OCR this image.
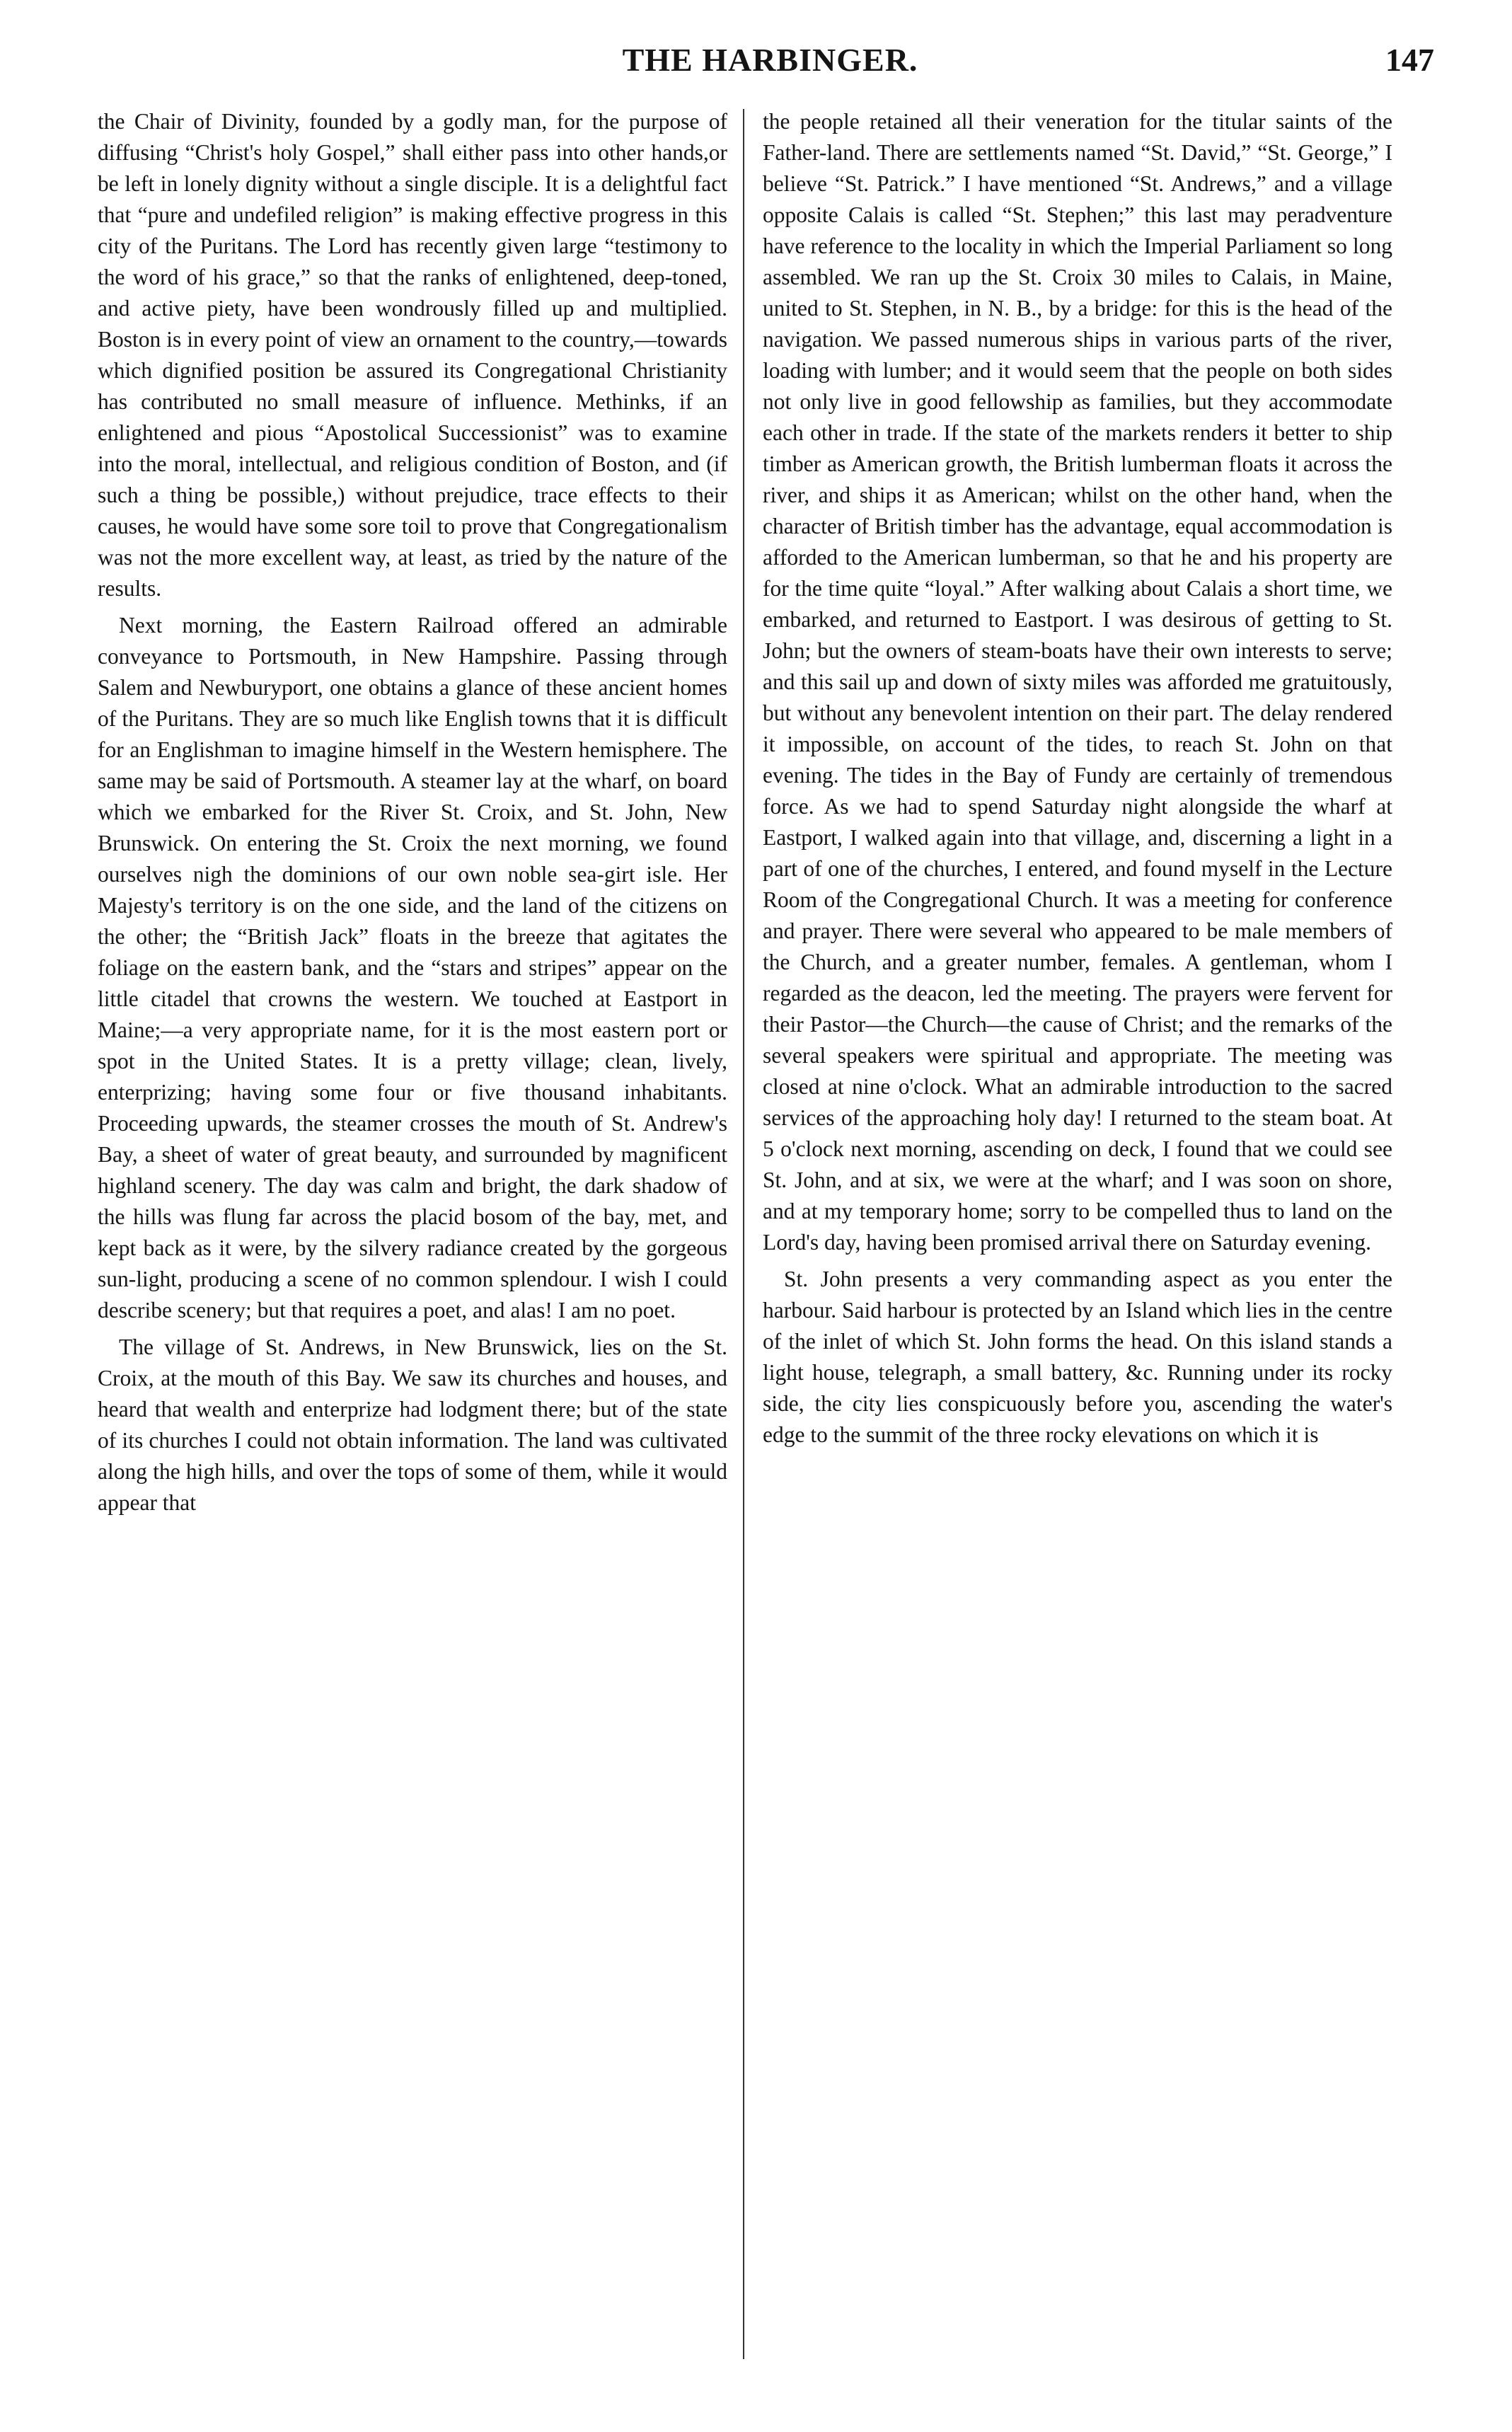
THE HARBINGER.	147

the Chair of Divinity, founded by a godly man, for the purpose of diffusing “Christ's holy Gospel,” shall either pass into other hands,or be left in lonely dignity without a single disciple. It is a delightful fact that “pure and undefiled religion” is making effective progress in this city of the Puritans. The Lord has recently given large “testimony to the word of his grace,” so that the ranks of enlightened, deep-toned, and active piety, have been wondrously filled up and multiplied. Boston is in every point of view an ornament to the country,—towards which dignified position be assured its Congregational Christianity has contributed no small measure of influence. Methinks, if an enlightened and pious “Apostolical Successionist” was to examine into the moral, intellectual, and religious condition of Boston, and (if such a thing be possible,) without prejudice, trace effects to their causes, he would have some sore toil to prove that Congregationalism was not the more excellent way, at least, as tried by the nature of the results.

Next morning, the Eastern Railroad offered an admirable conveyance to Portsmouth, in New Hampshire. Passing through Salem and Newburyport, one obtains a glance of these ancient homes of the Puritans. They are so much like English towns that it is difficult for an Englishman to imagine himself in the Western hemisphere. The same may be said of Portsmouth. A steamer lay at the wharf, on board which we embarked for the River St. Croix, and St. John, New Brunswick. On entering the St. Croix the next morning, we found ourselves nigh the dominions of our own noble sea-girt isle. Her Majesty's territory is on the one side, and the land of the citizens on the other; the “British Jack” floats in the breeze that agitates the foliage on the eastern bank, and the “stars and stripes” appear on the little citadel that crowns the western. We touched at Eastport in Maine;—a very appropriate name, for it is the most eastern port or spot in the United States. It is a pretty village; clean, lively, enterprizing; having some four or five thousand inhabitants. Proceeding upwards, the steamer crosses the mouth of St. Andrew's Bay, a sheet of water of great beauty, and surrounded by magnificent highland scenery. The day was calm and bright, the dark shadow of the hills was flung far across the placid bosom of the bay, met, and kept back as it were, by the silvery radiance created by the gorgeous sun-light, producing a scene of no common splendour. I wish I could describe scenery; but that requires a poet, and alas! I am no poet.

The village of St. Andrews, in New Brunswick, lies on the St. Croix, at the mouth of this Bay. We saw its churches and houses, and heard that wealth and enterprize had lodgment there; but of the state of its churches I could not obtain information. The land was cultivated along the high hills, and over the tops of some of them, while it would appear that

the people retained all their veneration for the titular saints of the Father-land. There are settlements named “St. David,” “St. George,” I believe “St. Patrick.” I have mentioned “St. Andrews,” and a village opposite Calais is called “St. Stephen;” this last may peradventure have reference to the locality in which the Imperial Parliament so long assembled. We ran up the St. Croix 30 miles to Calais, in Maine, united to St. Stephen, in N. B., by a bridge: for this is the head of the navigation. We passed numerous ships in various parts of the river, loading with lumber; and it would seem that the people on both sides not only live in good fellowship as families, but they accommodate each other in trade. If the state of the markets renders it better to ship timber as American growth, the British lumberman floats it across the river, and ships it as American; whilst on the other hand, when the character of British timber has the advantage, equal accommodation is afforded to the American lumberman, so that he and his property are for the time quite “loyal.” After walking about Calais a short time, we embarked, and returned to Eastport. I was desirous of getting to St. John; but the owners of steam-boats have their own interests to serve; and this sail up and down of sixty miles was afforded me gratuitously, but without any benevolent intention on their part. The delay rendered it impossible, on account of the tides, to reach St. John on that evening. The tides in the Bay of Fundy are certainly of tremendous force. As we had to spend Saturday night alongside the wharf at Eastport, I walked again into that village, and, discerning a light in a part of one of the churches, I entered, and found myself in the Lecture Room of the Congregational Church. It was a meeting for conference and prayer. There were several who appeared to be male members of the Church, and a greater number, females. A gentleman, whom I regarded as the deacon, led the meeting. The prayers were fervent for their Pastor—the Church—the cause of Christ; and the remarks of the several speakers were spiritual and appropriate. The meeting was closed at nine o'clock. What an admirable introduction to the sacred services of the approaching holy day! I returned to the steam boat. At 5 o'clock next morning, ascending on deck, I found that we could see St. John, and at six, we were at the wharf; and I was soon on shore, and at my temporary home; sorry to be compelled thus to land on the Lord's day, having been promised arrival there on Saturday evening.

St. John presents a very commanding aspect as you enter the harbour. Said harbour is protected by an Island which lies in the centre of the inlet of which St. John forms the head. On this island stands a light house, telegraph, a small battery, &c. Running under its rocky side, the city lies conspicuously before you, ascending the water's edge to the summit of the three rocky elevations on which it is
